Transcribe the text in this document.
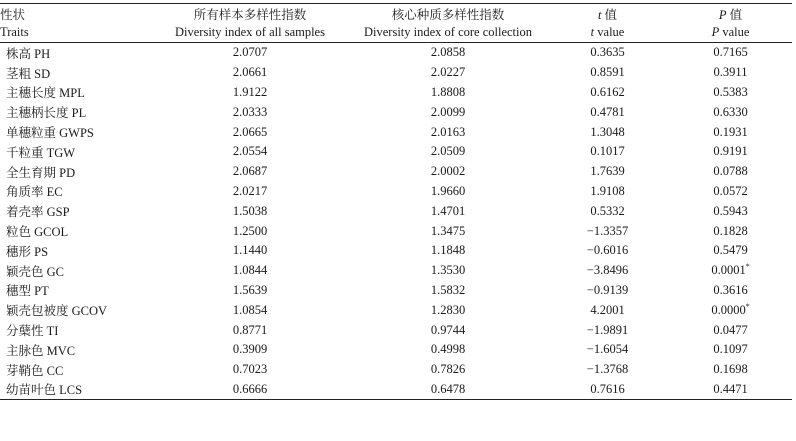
性状	所有样本多样性指数	核心种质多样性指数	t 值	P 值
Traits	Diversity index of all samples	Diversity index of core collection	t value	P value
株高 PH	2.0707	2.0858	0.3635	0.7165
茎粗 SD	2.0661	2.0227	0.8591	0.3911
主穗长度 MPL	1.9122	1.8808	0.6162	0.5383
主穗柄长度 PL	2.0333	2.0099	0.4781	0.6330
单穗粒重 GWPS	2.0665	2.0163	1.3048	0.1931
千粒重 TGW	2.0554	2.0509	0.1017	0.9191
全生育期 PD	2.0687	2.0002	1.7639	0.0788
角质率 EC	2.0217	1.9660	1.9108	0.0572
着壳率 GSP	1.5038	1.4701	0.5332	0.5943
粒色 GCOL	1.2500	1.3475	−1.3357	0.1828
穗形 PS	1.1440	1.1848	−0.6016	0.5479
颖壳色 GC	1.0844	1.3530	−3.8496	0.0001*
穗型 PT	1.5639	1.5832	−0.9139	0.3616
颖壳包被度 GCOV	1.0854	1.2830	4.2001	0.0000*
分蘖性 TI	0.8771	0.9744	−1.9891	0.0477
主脉色 MVC	0.3909	0.4998	−1.6054	0.1097
芽鞘色 CC	0.7023	0.7826	−1.3768	0.1698
幼苗叶色 LCS	0.6666	0.6478	0.7616	0.4471
